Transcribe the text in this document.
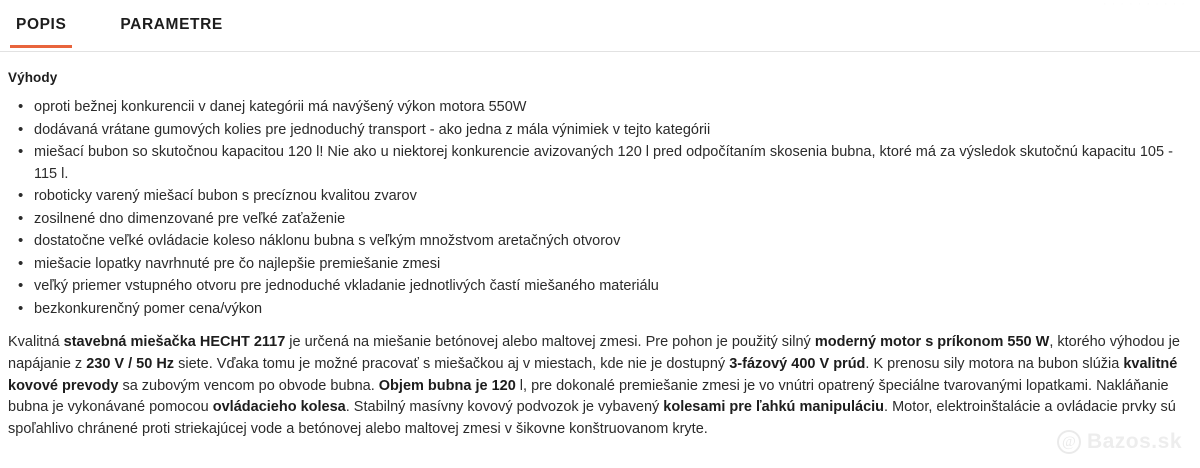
· · · · · · · · · ·
POPIS	PARAMETRE
Výhody
• oproti bežnej konkurencii v danej kategórii má navýšený výkon motora 550W
• dodávaná vrátane gumových kolies pre jednoduchý transport - ako jedna z mála výnimiek v tejto kategórii
• miešací bubon so skutočnou kapacitou 120 l! Nie ako u niektorej konkurencie avizovaných 120 l pred odpočítaním skosenia bubna, ktoré má za výsledok skutočnú kapacitu 105 - 115 l.
• roboticky varený miešací bubon s precíznou kvalitou zvarov
• zosilnené dno dimenzované pre veľké zaťaženie
• dostatočne veľké ovládacie koleso náklonu bubna s veľkým množstvom aretačných otvorov
• miešacie lopatky navrhnuté pre čo najlepšie premiešanie zmesi
• veľký priemer vstupného otvoru pre jednoduché vkladanie jednotlivých častí miešaného materiálu
• bezkonkurenčný pomer cena/výkon

Kvalitná stavebná miešačka HECHT 2117 je určená na miešanie betónovej alebo maltovej zmesi. Pre pohon je použitý silný moderný motor s príkonom 550 W, ktorého výhodou je napájanie z 230 V / 50 Hz siete. Vďaka tomu je možné pracovať s miešačkou aj v miestach, kde nie je dostupný 3-fázový 400 V prúd. K prenosu sily motora na bubon slúžia kvalitné kovové prevody sa zubovým vencom po obvode bubna. Objem bubna je 120 l, pre dokonalé premiešanie zmesi je vo vnútri opatrený špeciálne tvarovanými lopatkami. Nakláňanie bubna je vykonávané pomocou ovládacieho kolesa. Stabilný masívny kovový podvozok je vybavený kolesami pre ľahkú manipuláciu. Motor, elektroinštalácie a ovládacie prvky sú spoľahlivo chránené proti striekajúcej vode a betónovej alebo maltovej zmesi v šikovne konštruovanom kryte.

@ Bazos.sk
